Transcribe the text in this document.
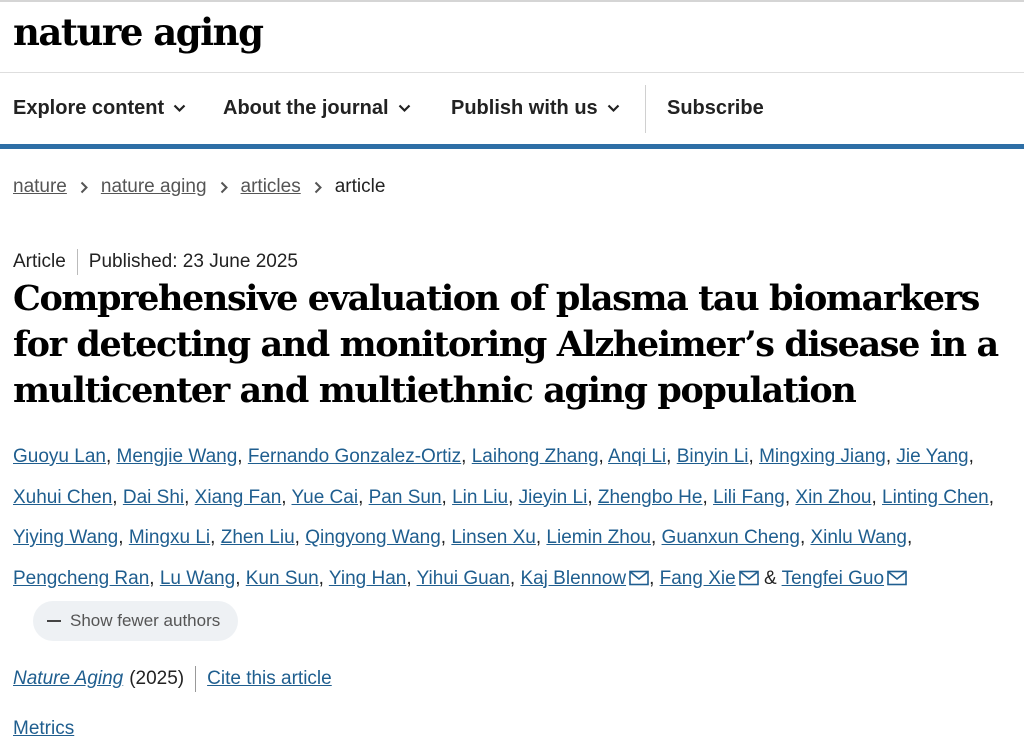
nature aging
Explore content	About the journal	Publish with us	Subscribe
nature nature aging articles article
Article Published: 23 June 2025
Comprehensive evaluation of plasma tau biomarkers for detecting and monitoring Alzheimer’s disease in a multicenter and multiethnic aging population
Guoyu Lan, Mengjie Wang, Fernando Gonzalez-Ortiz, Laihong Zhang, Anqi Li, Binyin Li, Mingxing Jiang, Jie Yang, Xuhui Chen, Dai Shi, Xiang Fan, Yue Cai, Pan Sun, Lin Liu, Jieyin Li, Zhengbo He, Lili Fang, Xin Zhou, Linting Chen, Yiying Wang, Mingxu Li, Zhen Liu, Qingyong Wang, Linsen Xu, Liemin Zhou, Guanxun Cheng, Xinlu Wang, Pengcheng Ran, Lu Wang, Kun Sun, Ying Han, Yihui Guan, Kaj Blennow , Fang Xie & Tengfei Guo
Show fewer authors
Nature Aging (2025) Cite this article
Metrics
